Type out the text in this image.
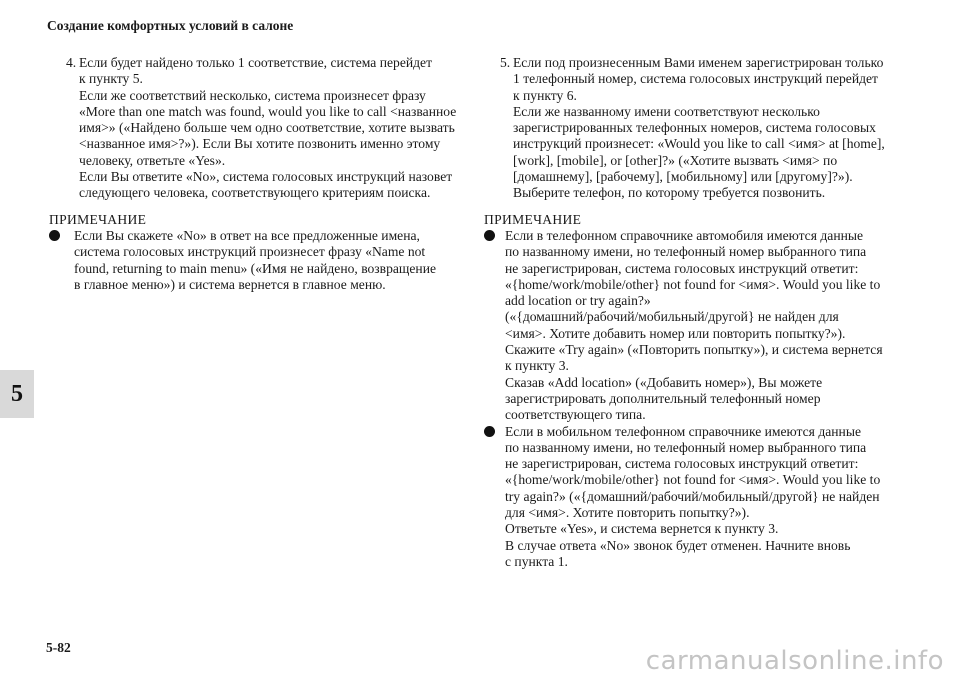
Создание комфортных условий в салоне
5
4. Если будет найдено только 1 соответствие, система перейдет

к пункту 5.

Если же соответствий несколько, система произнесет фразу

«More than one match was found, would you like to call <названное

имя>» («Найдено больше чем одно соответствие, хотите вызвать

<названное имя>?»). Если Вы хотите позвонить именно этому

человеку, ответьте «Yes».

Если Вы ответите «No», система голосовых инструкций назовет

следующего человека, соответствующего критериям поиска.

ПРИМЕЧАНИЕ

Если Вы скажете «No» в ответ на все предложенные имена,

система голосовых инструкций произнесет фразу «Name not

found, returning to main menu» («Имя не найдено, возвращение

в главное меню») и система вернется в главное меню.

5. Если под произнесенным Вами именем зарегистрирован только

1 телефонный номер, система голосовых инструкций перейдет

к пункту 6.

Если же названному имени соответствуют несколько

зарегистрированных телефонных номеров, система голосовых

инструкций произнесет: «Would you like to call <имя> at [home],

[work], [mobile], or [other]?» («Хотите вызвать <имя> по

[домашнему], [рабочему], [мобильному] или [другому]?»).

Выберите телефон, по которому требуется позвонить.

ПРИМЕЧАНИЕ

Если в телефонном справочнике автомобиля имеются данные

по названному имени, но телефонный номер выбранного типа

не зарегистрирован, система голосовых инструкций ответит:

«{home/work/mobile/other} not found for <имя>. Would you like to

add location or try again?»

(«{домашний/рабочий/мобильный/другой} не найден для

<имя>. Хотите добавить номер или повторить попытку?»).

Скажите «Try again» («Повторить попытку»), и система вернется

к пункту 3.

Сказав «Add location» («Добавить номер»), Вы можете

зарегистрировать дополнительный телефонный номер

соответствующего типа.

Если в мобильном телефонном справочнике имеются данные

по названному имени, но телефонный номер выбранного типа

не зарегистрирован, система голосовых инструкций ответит:

«{home/work/mobile/other} not found for <имя>. Would you like to

try again?» («{домашний/рабочий/мобильный/другой} не найден

для <имя>. Хотите повторить попытку?»).

Ответьте «Yes», и система вернется к пункту 3.

В случае ответа «No» звонок будет отменен. Начните вновь

с пункта 1.

5-82	carmanualsonline.info
